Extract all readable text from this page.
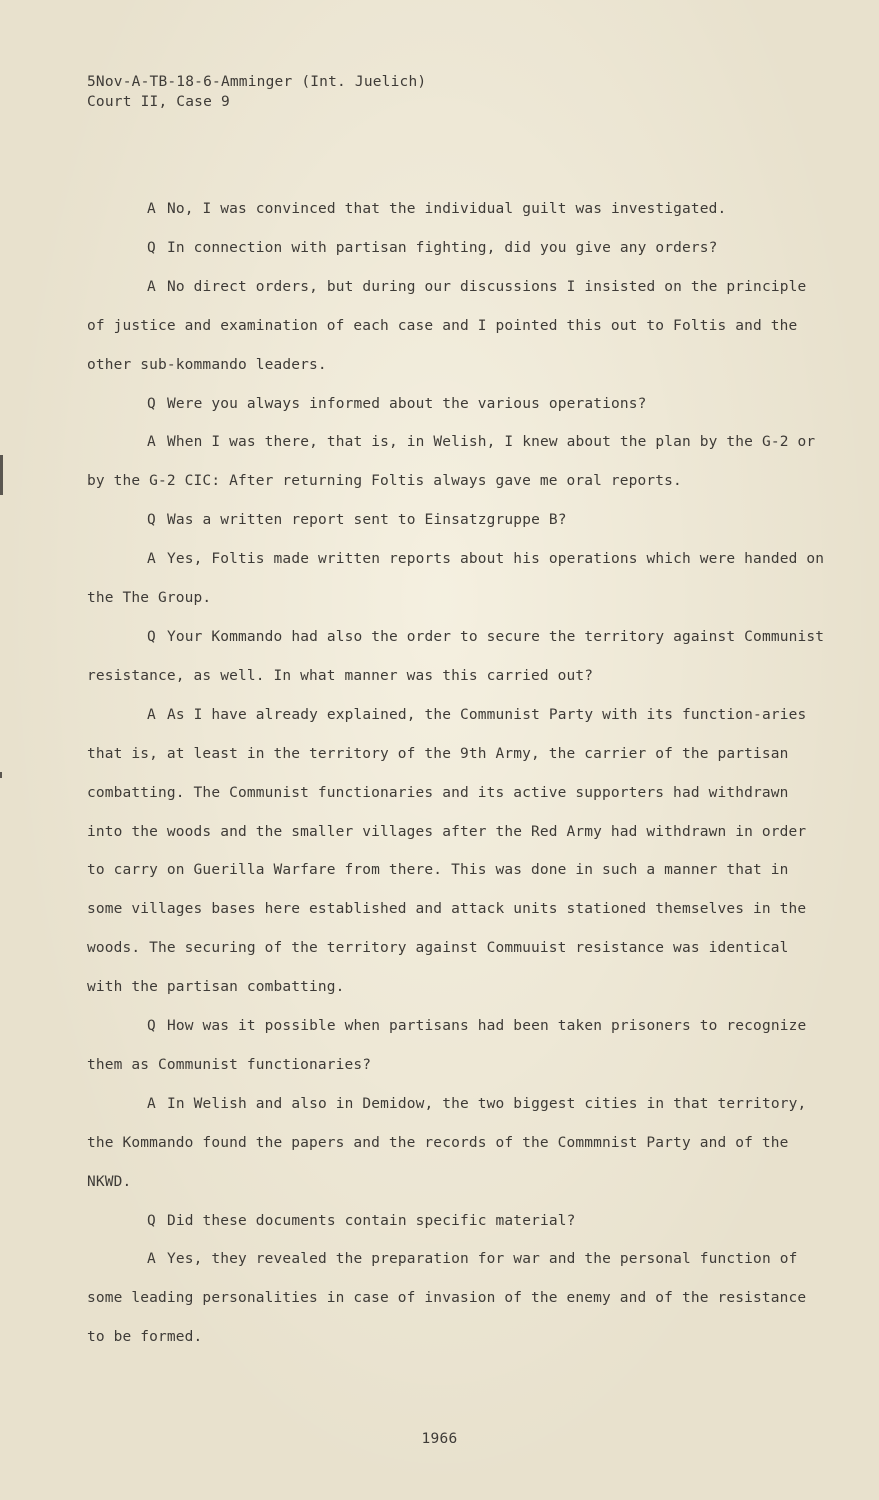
5Nov-A-TB-18-6-Amminger (Int. Juelich)
Court II, Case 9

A No, I was convinced that the individual guilt was investigated.

Q In connection with partisan fighting, did you give any orders?

A No direct orders, but during our discussions I insisted on the principle of justice and examination of each case and I pointed this out to Foltis and the other sub-kommando leaders.

Q Were you always informed about the various operations?

A When I was there, that is, in Welish, I knew about the plan by the G-2 or by the G-2 CIC: After returning Foltis always gave me oral reports.

Q Was a written report sent to Einsatzgruppe B?

A Yes, Foltis made written reports about his operations which were handed on the The Group.

Q Your Kommando had also the order to secure the territory against Communist resistance, as well. In what manner was this carried out?

A As I have already explained, the Communist Party with its function-aries that is, at least in the territory of the 9th Army, the carrier of the partisan combatting. The Communist functionaries and its active supporters had withdrawn into the woods and the smaller villages after the Red Army had withdrawn in order to carry on Guerilla Warfare from there. This was done in such a manner that in some villages bases here established and attack units stationed themselves in the woods. The securing of the territory against Commuuist resistance was identical with the partisan combatting.

Q How was it possible when partisans had been taken prisoners to recognize them as Communist functionaries?

A In Welish and also in Demidow, the two biggest cities in that territory, the Kommando found the papers and the records of the Commmnist Party and of the NKWD.

Q Did these documents contain specific material?

A Yes, they revealed the preparation for war and the personal function of some leading personalities in case of invasion of the enemy and of the resistance to be formed.

1966
